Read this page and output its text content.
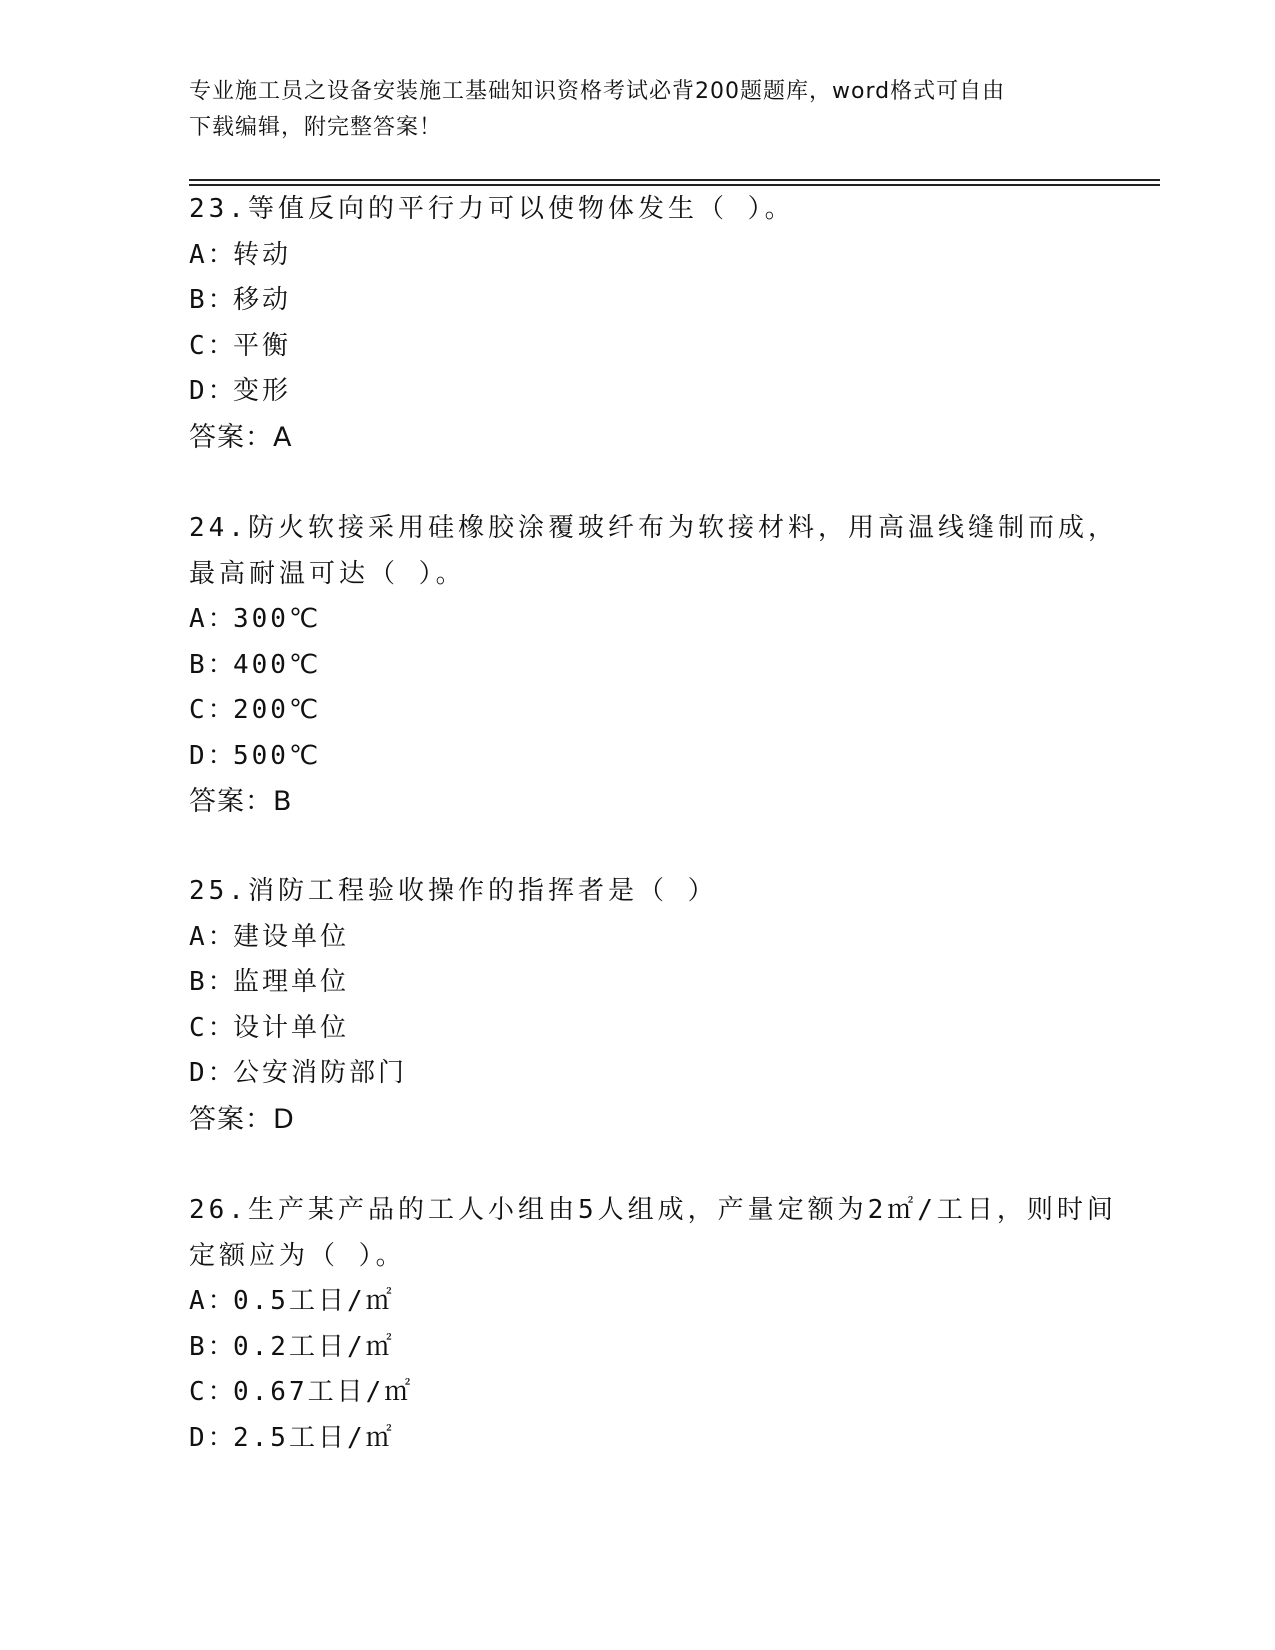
专业施工员之设备安装施工基础知识资格考试必背200题题库，word格式可自由
下载编辑，附完整答案！

23.等值反向的平行力可以使物体发生（ ）。

A：转动

B：移动

C：平衡

D：变形

答案：A

24.防火软接采用硅橡胶涂覆玻纤布为软接材料，用高温线缝制而成，

最高耐温可达（ ）。

A：300℃

B：400℃

C：200℃

D：500℃

答案：B

25.消防工程验收操作的指挥者是（ ）

A：建设单位

B：监理单位

C：设计单位

D：公安消防部门

答案：D

26.生产某产品的工人小组由5人组成，产量定额为2㎡/工日，则时间

定额应为（ ）。

A：0.5工日/㎡

B：0.2工日/㎡

C：0.67工日/㎡

D：2.5工日/㎡
